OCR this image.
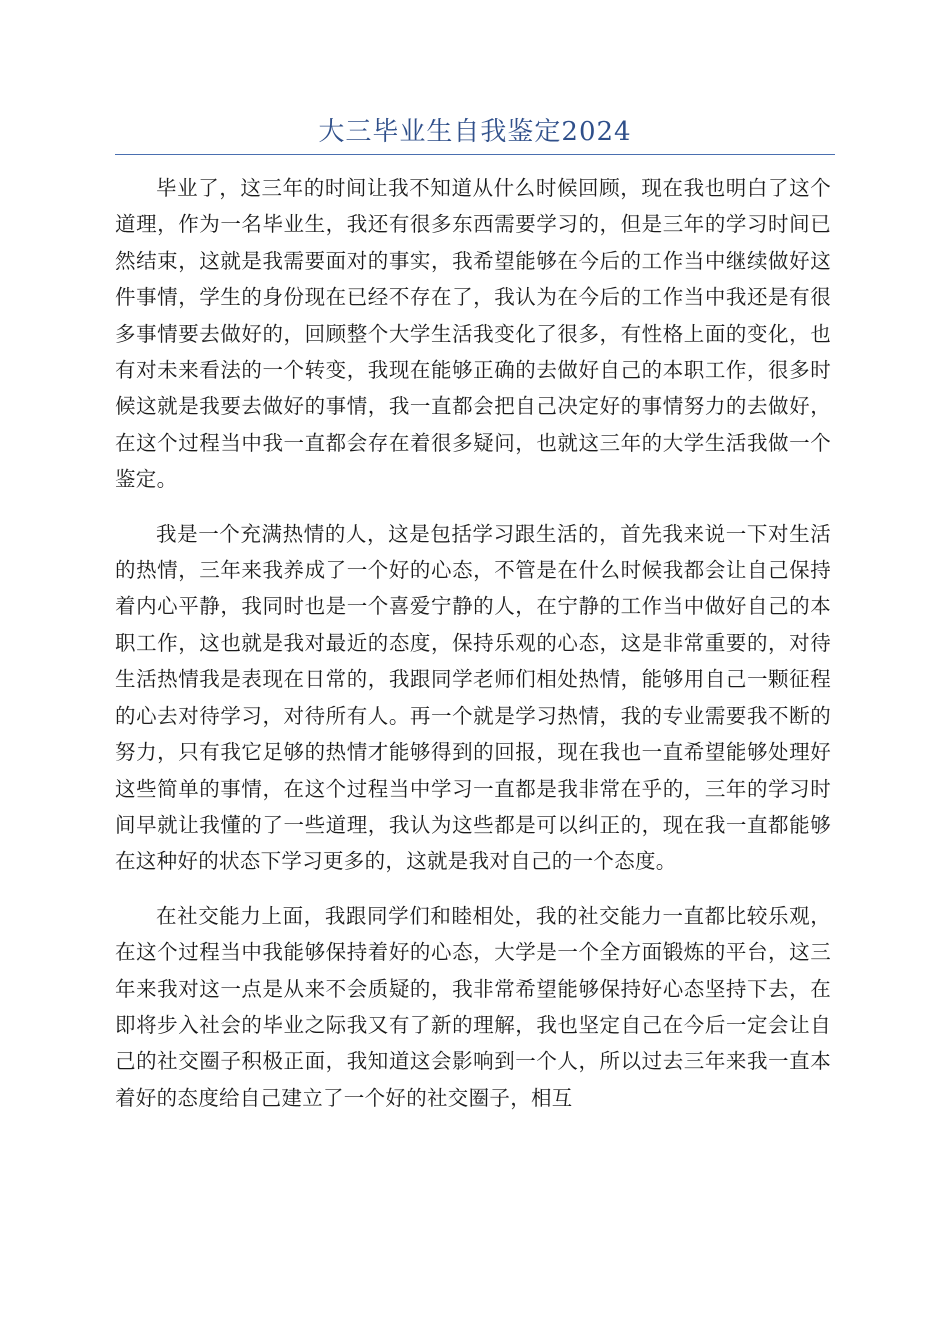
大三毕业生自我鉴定2024

毕业了，这三年的时间让我不知道从什么时候回顾，现在我也明白了这个道理，作为一名毕业生，我还有很多东西需要学习的，但是三年的学习时间已然结束，这就是我需要面对的事实，我希望能够在今后的工作当中继续做好这件事情，学生的身份现在已经不存在了，我认为在今后的工作当中我还是有很多事情要去做好的，回顾整个大学生活我变化了很多，有性格上面的变化，也有对未来看法的一个转变，我现在能够正确的去做好自己的本职工作，很多时候这就是我要去做好的事情，我一直都会把自己决定好的事情努力的去做好，在这个过程当中我一直都会存在着很多疑问，也就这三年的大学生活我做一个鉴定。

我是一个充满热情的人，这是包括学习跟生活的，首先我来说一下对生活的热情，三年来我养成了一个好的心态，不管是在什么时候我都会让自己保持着内心平静，我同时也是一个喜爱宁静的人，在宁静的工作当中做好自己的本职工作，这也就是我对最近的态度，保持乐观的心态，这是非常重要的，对待生活热情我是表现在日常的，我跟同学老师们相处热情，能够用自己一颗征程的心去对待学习，对待所有人。再一个就是学习热情，我的专业需要我不断的努力，只有我它足够的热情才能够得到的回报，现在我也一直希望能够处理好这些简单的事情，在这个过程当中学习一直都是我非常在乎的，三年的学习时间早就让我懂的了一些道理，我认为这些都是可以纠正的，现在我一直都能够在这种好的状态下学习更多的，这就是我对自己的一个态度。

在社交能力上面，我跟同学们和睦相处，我的社交能力一直都比较乐观，在这个过程当中我能够保持着好的心态，大学是一个全方面锻炼的平台，这三年来我对这一点是从来不会质疑的，我非常希望能够保持好心态坚持下去，在即将步入社会的毕业之际我又有了新的理解，我也坚定自己在今后一定会让自己的社交圈子积极正面，我知道这会影响到一个人，所以过去三年来我一直本着好的态度给自己建立了一个好的社交圈子，相互
